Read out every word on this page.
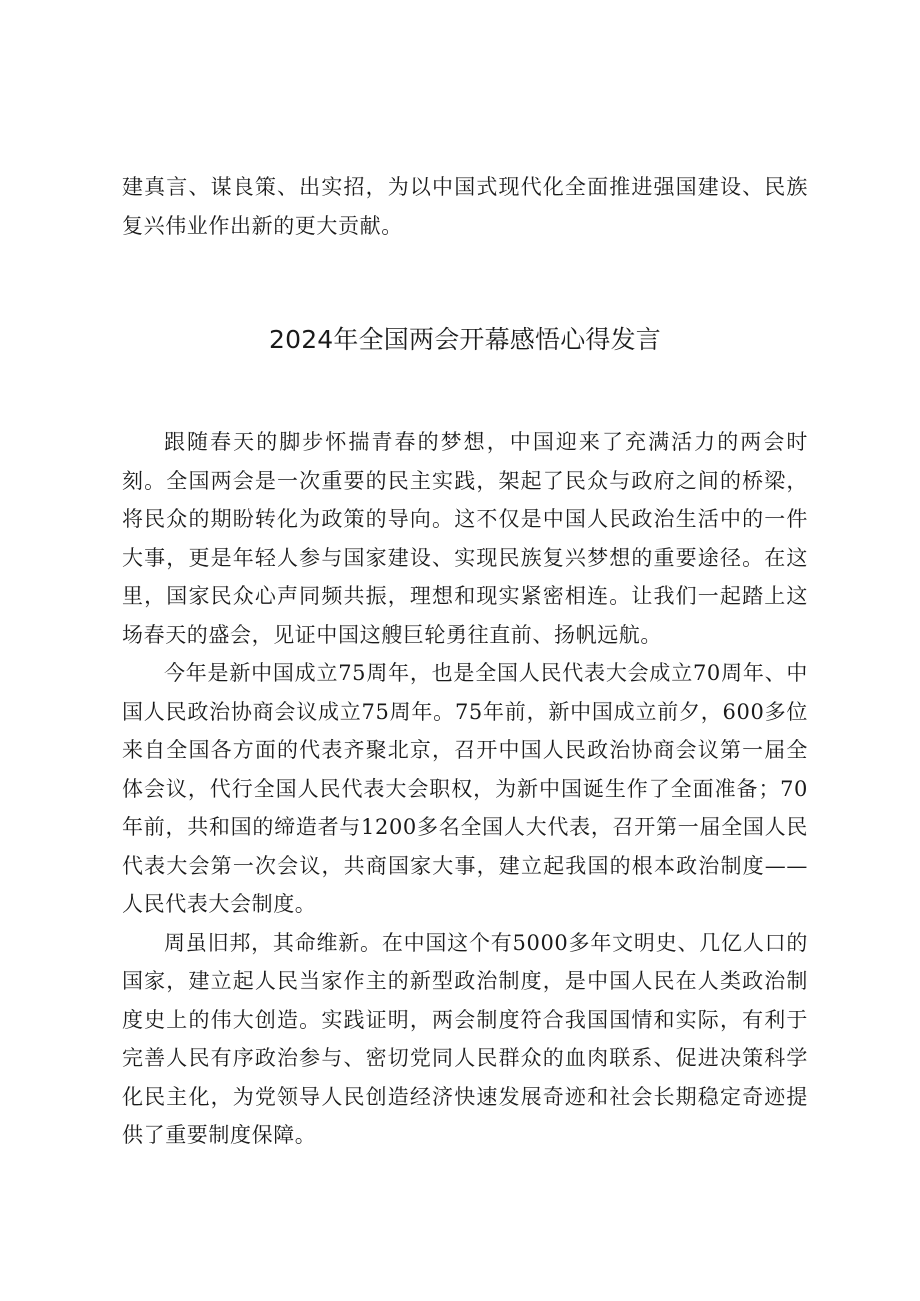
建真言、谋良策、出实招，为以中国式现代化全面推进强国建设、民族复兴伟业作出新的更大贡献。

2024年全国两会开幕感悟心得发言

跟随春天的脚步怀揣青春的梦想，中国迎来了充满活力的两会时刻。全国两会是一次重要的民主实践，架起了民众与政府之间的桥梁，将民众的期盼转化为政策的导向。这不仅是中国人民政治生活中的一件大事，更是年轻人参与国家建设、实现民族复兴梦想的重要途径。在这里，国家民众心声同频共振，理想和现实紧密相连。让我们一起踏上这场春天的盛会，见证中国这艘巨轮勇往直前、扬帆远航。

今年是新中国成立75周年，也是全国人民代表大会成立70周年、中国人民政治协商会议成立75周年。75年前，新中国成立前夕，600多位来自全国各方面的代表齐聚北京，召开中国人民政治协商会议第一届全体会议，代行全国人民代表大会职权，为新中国诞生作了全面准备；70年前，共和国的缔造者与1200多名全国人大代表，召开第一届全国人民代表大会第一次会议，共商国家大事，建立起我国的根本政治制度——人民代表大会制度。

周虽旧邦，其命维新。在中国这个有5000多年文明史、几亿人口的国家，建立起人民当家作主的新型政治制度，是中国人民在人类政治制度史上的伟大创造。实践证明，两会制度符合我国国情和实际，有利于完善人民有序政治参与、密切党同人民群众的血肉联系、促进决策科学化民主化，为党领导人民创造经济快速发展奇迹和社会长期稳定奇迹提供了重要制度保障。
